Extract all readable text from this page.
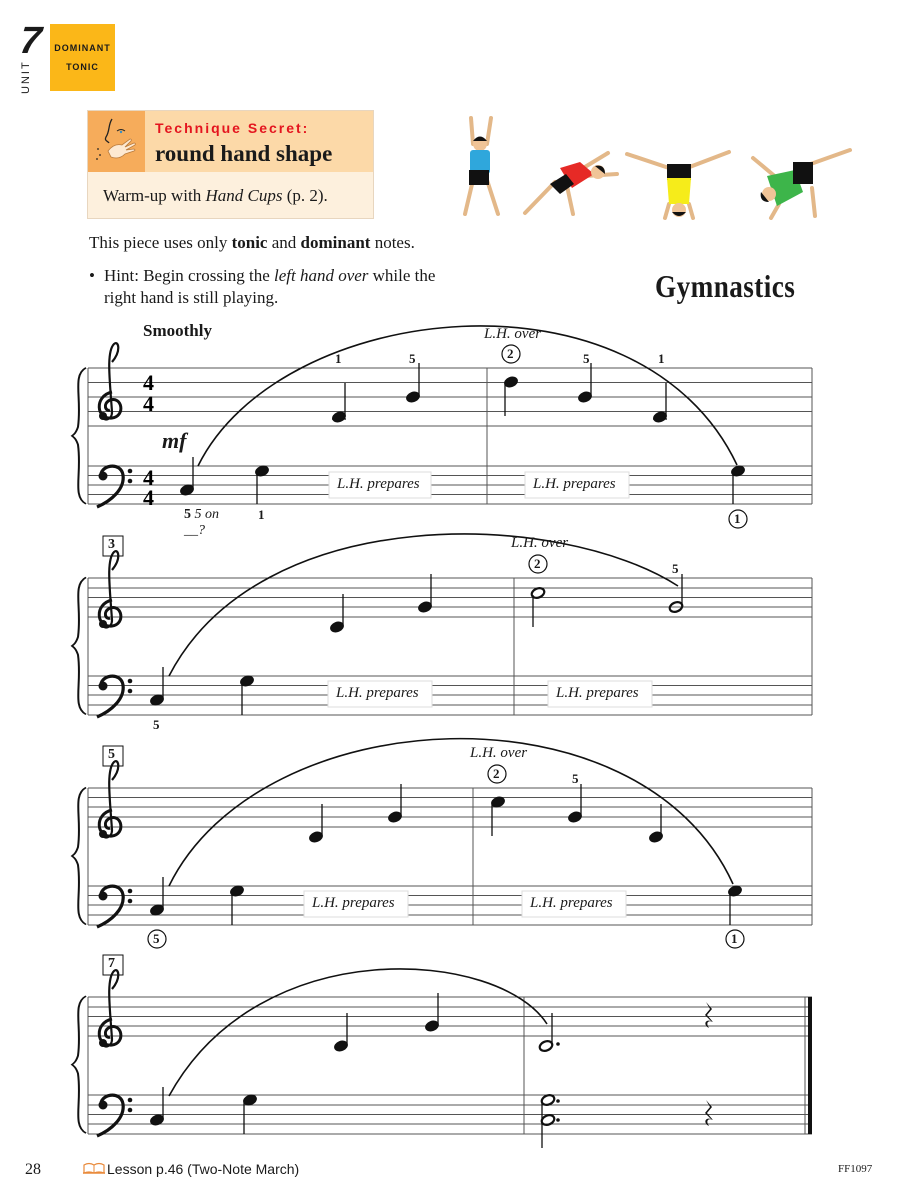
7
UNIT
DOMINANT
TONIC
Technique Secret:
round hand shape
Warm-up with Hand Cups (p. 2).
This piece uses only tonic and dominant notes.
• Hint: Begin crossing the left hand over while the right hand is still playing.	Gymnastics
4
4
4
4
Smoothly
mf
L.H. over
1	5	2	5	1
5 5 on	1	1
__?
L.H. prepares	L.H. prepares
3	L.H. over
2	5
5
L.H. prepares	L.H. prepares
5	L.H. over
2	5
5	1
L.H. prepares	L.H. prepares
7
28	Lesson p.46 (Two-Note March)	FF1097
